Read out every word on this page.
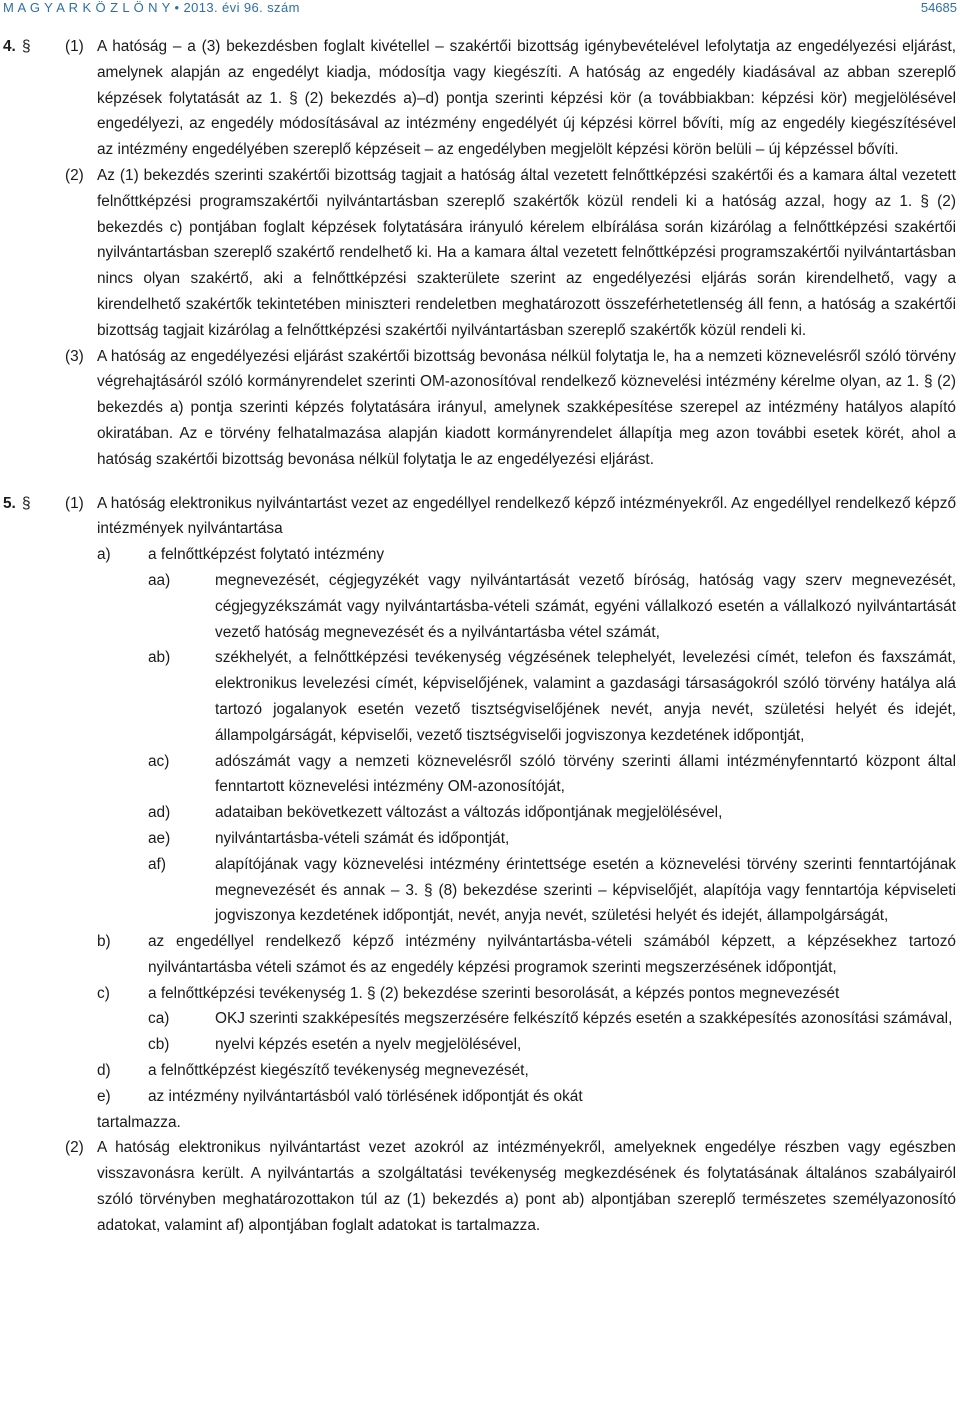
M A G Y A R K Ö Z L Ö N Y • 2013. évi 96. szám	54685
4. § (1) A hatóság – a (3) bekezdésben foglalt kivétellel – szakértői bizottság igénybevételével lefolytatja az engedélyezési eljárást, amelynek alapján az engedélyt kiadja, módosítja vagy kiegészíti. A hatóság az engedély kiadásával az abban szereplő képzések folytatását az 1. § (2) bekezdés a)–d) pontja szerinti képzési kör (a továbbiakban: képzési kör) megjelölésével engedélyezi, az engedély módosításával az intézmény engedélyét új képzési körrel bővíti, míg az engedély kiegészítésével az intézmény engedélyében szereplő képzéseit – az engedélyben megjelölt képzési körön belüli – új képzéssel bővíti.
(2) Az (1) bekezdés szerinti szakértői bizottság tagjait a hatóság által vezetett felnőttképzési szakértői és a kamara által vezetett felnőttképzési programszakértői nyilvántartásban szereplő szakértők közül rendeli ki a hatóság azzal, hogy az 1. § (2) bekezdés c) pontjában foglalt képzések folytatására irányuló kérelem elbírálása során kizárólag a felnőttképzési szakértői nyilvántartásban szereplő szakértő rendelhető ki. Ha a kamara által vezetett felnőttképzési programszakértői nyilvántartásban nincs olyan szakértő, aki a felnőttképzési szakterülete szerint az engedélyezési eljárás során kirendelhető, vagy a kirendelhető szakértők tekintetében miniszteri rendeletben meghatározott összeférhetetlenség áll fenn, a hatóság a szakértői bizottság tagjait kizárólag a felnőttképzési szakértői nyilvántartásban szereplő szakértők közül rendeli ki.
(3) A hatóság az engedélyezési eljárást szakértői bizottság bevonása nélkül folytatja le, ha a nemzeti köznevelésről szóló törvény végrehajtásáról szóló kormányrendelet szerinti OM-azonosítóval rendelkező köznevelési intézmény kérelme olyan, az 1. § (2) bekezdés a) pontja szerinti képzés folytatására irányul, amelynek szakképesítése szerepel az intézmény hatályos alapító okiratában. Az e törvény felhatalmazása alapján kiadott kormányrendelet állapítja meg azon további esetek körét, ahol a hatóság szakértői bizottság bevonása nélkül folytatja le az engedélyezési eljárást.
5. § (1) A hatóság elektronikus nyilvántartást vezet az engedéllyel rendelkező képző intézményekről. Az engedéllyel rendelkező képző intézmények nyilvántartása
a) a felnőttképzést folytató intézmény
aa)	megnevezését, cégjegyzékét vagy nyilvántartását vezető bíróság, hatóság vagy szerv megnevezését, cégjegyzékszámát vagy nyilvántartásba-vételi számát, egyéni vállalkozó esetén a vállalkozó nyilvántartását vezető hatóság megnevezését és a nyilvántartásba vétel számát,
ab)	székhelyét, a felnőttképzési tevékenység végzésének telephelyét, levelezési címét, telefon és faxszámát, elektronikus levelezési címét, képviselőjének, valamint a gazdasági társaságokról szóló törvény hatálya alá tartozó jogalanyok esetén vezető tisztségviselőjének nevét, anyja nevét, születési helyét és idejét, állampolgárságát, képviselői, vezető tisztségviselői jogviszonya kezdetének időpontját,
ac)	adószámát vagy a nemzeti köznevelésről szóló törvény szerinti állami intézményfenntartó központ által fenntartott köznevelési intézmény OM-azonosítóját,
ad)	adataiban bekövetkezett változást a változás időpontjának megjelölésével,
ae)	nyilvántartásba-vételi számát és időpontját,
af)	alapítójának vagy köznevelési intézmény érintettsége esetén a köznevelési törvény szerinti fenntartójának megnevezését és annak – 3. § (8) bekezdése szerinti – képviselőjét, alapítója vagy fenntartója képviseleti jogviszonya kezdetének időpontját, nevét, anyja nevét, születési helyét és idejét, állampolgárságát,
b) az engedéllyel rendelkező képző intézmény nyilvántartásba-vételi számából képzett, a képzésekhez tartozó nyilvántartásba vételi számot és az engedély képzési programok szerinti megszerzésének időpontját,
c) a felnőttképzési tevékenység 1. § (2) bekezdése szerinti besorolását, a képzés pontos megnevezését
ca)	OKJ szerinti szakképesítés megszerzésére felkészítő képzés esetén a szakképesítés azonosítási számával,
cb)	nyelvi képzés esetén a nyelv megjelölésével,
d) a felnőttképzést kiegészítő tevékenység megnevezését,
e) az intézmény nyilvántartásból való törlésének időpontját és okát
tartalmazza.
(2) A hatóság elektronikus nyilvántartást vezet azokról az intézményekről, amelyeknek engedélye részben vagy egészben visszavonásra került. A nyilvántartás a szolgáltatási tevékenység megkezdésének és folytatásának általános szabályairól szóló törvényben meghatározottakon túl az (1) bekezdés a) pont ab) alpontjában szereplő természetes személyazonosító adatokat, valamint af) alpontjában foglalt adatokat is tartalmazza.
